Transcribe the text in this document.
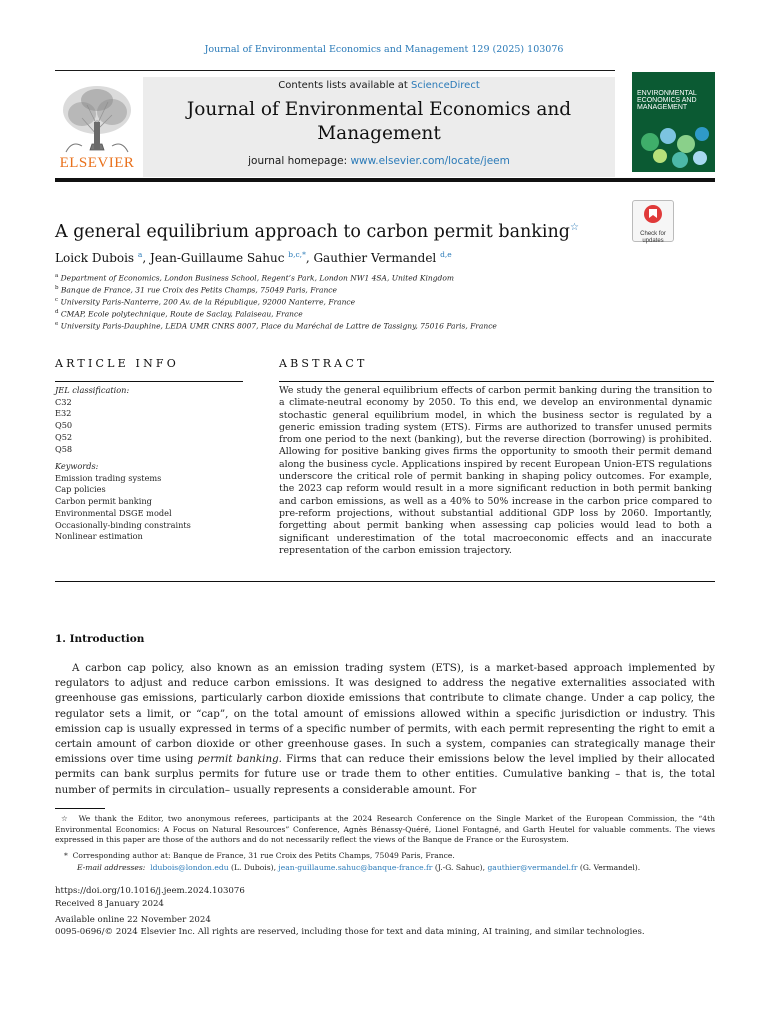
Journal of Environmental Economics and Management 129 (2025) 103076
ELSEVIER
Contents lists available at ScienceDirect
Journal of Environmental Economics and
Management
journal homepage: www.elsevier.com/locate/jeem
ENVIRONMENTAL ECONOMICS AND MANAGEMENT
Check for updates
A general equilibrium approach to carbon permit banking☆
Loick Dubois $^a$, Jean-Guillaume Sahuc $^{b,c,*}$, Gauthier Vermandel $^{d,e}$
$^a$ Department of Economics, London Business School, Regent’s Park, London NW1 4SA, United Kingdom
$^b$ Banque de France, 31 rue Croix des Petits Champs, 75049 Paris, France
$^c$ University Paris-Nanterre, 200 Av. de la République, 92000 Nanterre, France
$^d$ CMAP, Ecole polytechnique, Route de Saclay, Palaiseau, France
$^e$ University Paris-Dauphine, LEDA UMR CNRS 8007, Place du Maréchal de Lattre de Tassigny, 75016 Paris, France
ARTICLE INFO	ABSTRACT
JEL classification:
C32
E32
Q50
Q52
Q58
Keywords:
Emission trading systems
Cap policies
Carbon permit banking
Environmental DSGE model
Occasionally-binding constraints
Nonlinear estimation
We study the general equilibrium effects of carbon permit banking during the transition to a climate-neutral economy by 2050. To this end, we develop an environmental dynamic stochastic general equilibrium model, in which the business sector is regulated by a generic emission trading system (ETS). Firms are authorized to transfer unused permits from one period to the next (banking), but the reverse direction (borrowing) is prohibited. Allowing for positive banking gives firms the opportunity to smooth their permit demand along the business cycle. Applications inspired by recent European Union-ETS regulations underscore the critical role of permit banking in shaping policy outcomes. For example, the 2023 cap reform would result in a more significant reduction in both permit banking and carbon emissions, as well as a 40% to 50% increase in the carbon price compared to pre-reform projections, without substantial additional GDP loss by 2060. Importantly, forgetting about permit banking when assessing cap policies would lead to both a significant underestimation of the total macroeconomic effects and an inaccurate representation of the carbon emission trajectory.
1. Introduction
A carbon cap policy, also known as an emission trading system (ETS), is a market-based approach implemented by regulators to adjust and reduce carbon emissions. It was designed to address the negative externalities associated with greenhouse gas emissions, particularly carbon dioxide emissions that contribute to climate change. Under a cap policy, the regulator sets a limit, or “cap”, on the total amount of emissions allowed within a specific jurisdiction or industry. This emission cap is usually expressed in terms of a specific number of permits, with each permit representing the right to emit a certain amount of carbon dioxide or other greenhouse gases. In such a system, companies can strategically manage their emissions over time using permit banking. Firms that can reduce their emissions below the level implied by their allocated permits can bank surplus permits for future use or trade them to other entities. Cumulative banking – that is, the total number of permits in circulation– usually represents a considerable amount. For
☆ We thank the Editor, two anonymous referees, participants at the 2024 Research Conference on the Single Market of the European Commission, the “4th Environmental Economics: A Focus on Natural Resources” Conference, Agnès Bénassy-Quéré, Lionel Fontagné, and Garth Heutel for valuable comments. The views expressed in this paper are those of the authors and do not necessarily reflect the views of the Banque de France or the Eurosystem.
* Corresponding author at: Banque de France, 31 rue Croix des Petits Champs, 75049 Paris, France.
E-mail addresses: ldubois@london.edu (L. Dubois), jean-guillaume.sahuc@banque-france.fr (J.-G. Sahuc), gauthier@vermandel.fr (G. Vermandel).
https://doi.org/10.1016/j.jeem.2024.103076
Received 8 January 2024
Available online 22 November 2024
0095-0696/© 2024 Elsevier Inc. All rights are reserved, including those for text and data mining, AI training, and similar technologies.
